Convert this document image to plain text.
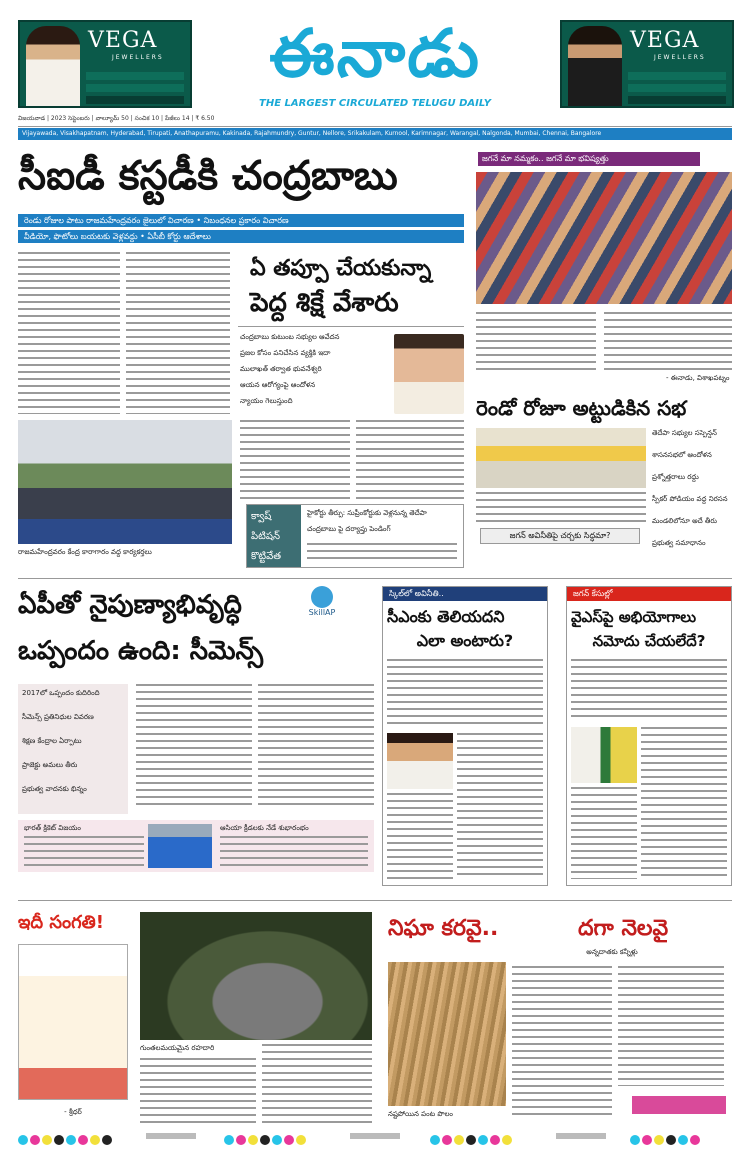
VEGA
JEWELLERS	ఈనాడు
THE LARGEST CIRCULATED TELUGU DAILY
VEGA
JEWELLERS
విజయవాడ | 2023 సెప్టెంబరు | వాల్యూమ్ 50 | సంచిక 10 | పేజీలు 14 | ₹ 6.50
Vijayawada, Visakhapatnam, Hyderabad, Tirupati, Anathapuramu, Kakinada, Rajahmundry, Guntur, Nellore, Srikakulam, Kurnool, Karimnagar, Warangal, Nalgonda, Mumbai, Chennai, Bangalore
సీఐడీ కస్టడీకి చంద్రబాబు
రెండు రోజుల పాటు రాజమహేంద్రవరం జైలులో విచారణ • నిబంధనల ప్రకారం విచారణ
వీడియో, ఫొటోలు బయటకు వెళ్లవద్దు • ఏసీబీ కోర్టు ఆదేశాలు
ఏ తప్పూ చేయకున్నా
పెద్ద శిక్షే వేశారు
చంద్రబాబు కుటుంబ సభ్యుల ఆవేదన
ప్రజల కోసం పనిచేసిన వ్యక్తికి ఇదా
ములాఖత్ తర్వాత భువనేశ్వరి
ఆయన ఆరోగ్యంపై ఆందోళన
న్యాయం గెలుస్తుంది
రాజమహేంద్రవరం కేంద్ర కారాగారం వద్ద కార్యకర్తలు
క్వాష్ పిటిషన్ కొట్టివేత
హైకోర్టు తీర్పు: సుప్రీంకోర్టుకు వెళ్లనున్న తెదేపా
చంద్రబాబు పై దర్యాప్తు పెండింగ్
జగనే మా నమ్మకం.. జగనే మా భవిష్యత్తు
- ఈనాడు, విశాఖపట్నం
రెండో రోజూ అట్టుడికిన సభ
జగన్ అవినీతిపై చర్చకు సిద్ధమా?
తెదేపా సభ్యుల సస్పెన్షన్
శాసనసభలో ఆందోళన
ప్రశ్నోత్తరాలు రద్దు
స్పీకర్ పోడియం వద్ద నిరసన
మండలిలోనూ అదే తీరు
ప్రభుత్వ సమాధానం
ఏపీతో నైపుణ్యాభివృద్ధి
ఒప్పందం ఉంది: సీమెన్స్
SkillAP
2017లో ఒప్పందం కుదిరింది
సీమెన్స్ ప్రతినిధుల వివరణ
శిక్షణ కేంద్రాల ఏర్పాటు
ప్రాజెక్టు అమలు తీరు
ప్రభుత్వ వాదనకు భిన్నం
భారత్ క్రికెట్ విజయం	ఆసియా క్రీడలకు నేడే శుభారంభం
స్కిల్‌లో అవినీతి..
సీఎంకు తెలియదని
ఎలా అంటారు?
జగన్ కేసుల్లో
వైఎస్‌పై అభియోగాలు
నమోదు చేయలేదే?
ఇదీ సంగతి!
- శ్రీధర్
గుంతలమయమైన రహదారి
నిఘా కరవై..	దగా నెలవై
అన్నదాతకు కన్నీళ్లు
నష్టపోయిన పంట పొలం
